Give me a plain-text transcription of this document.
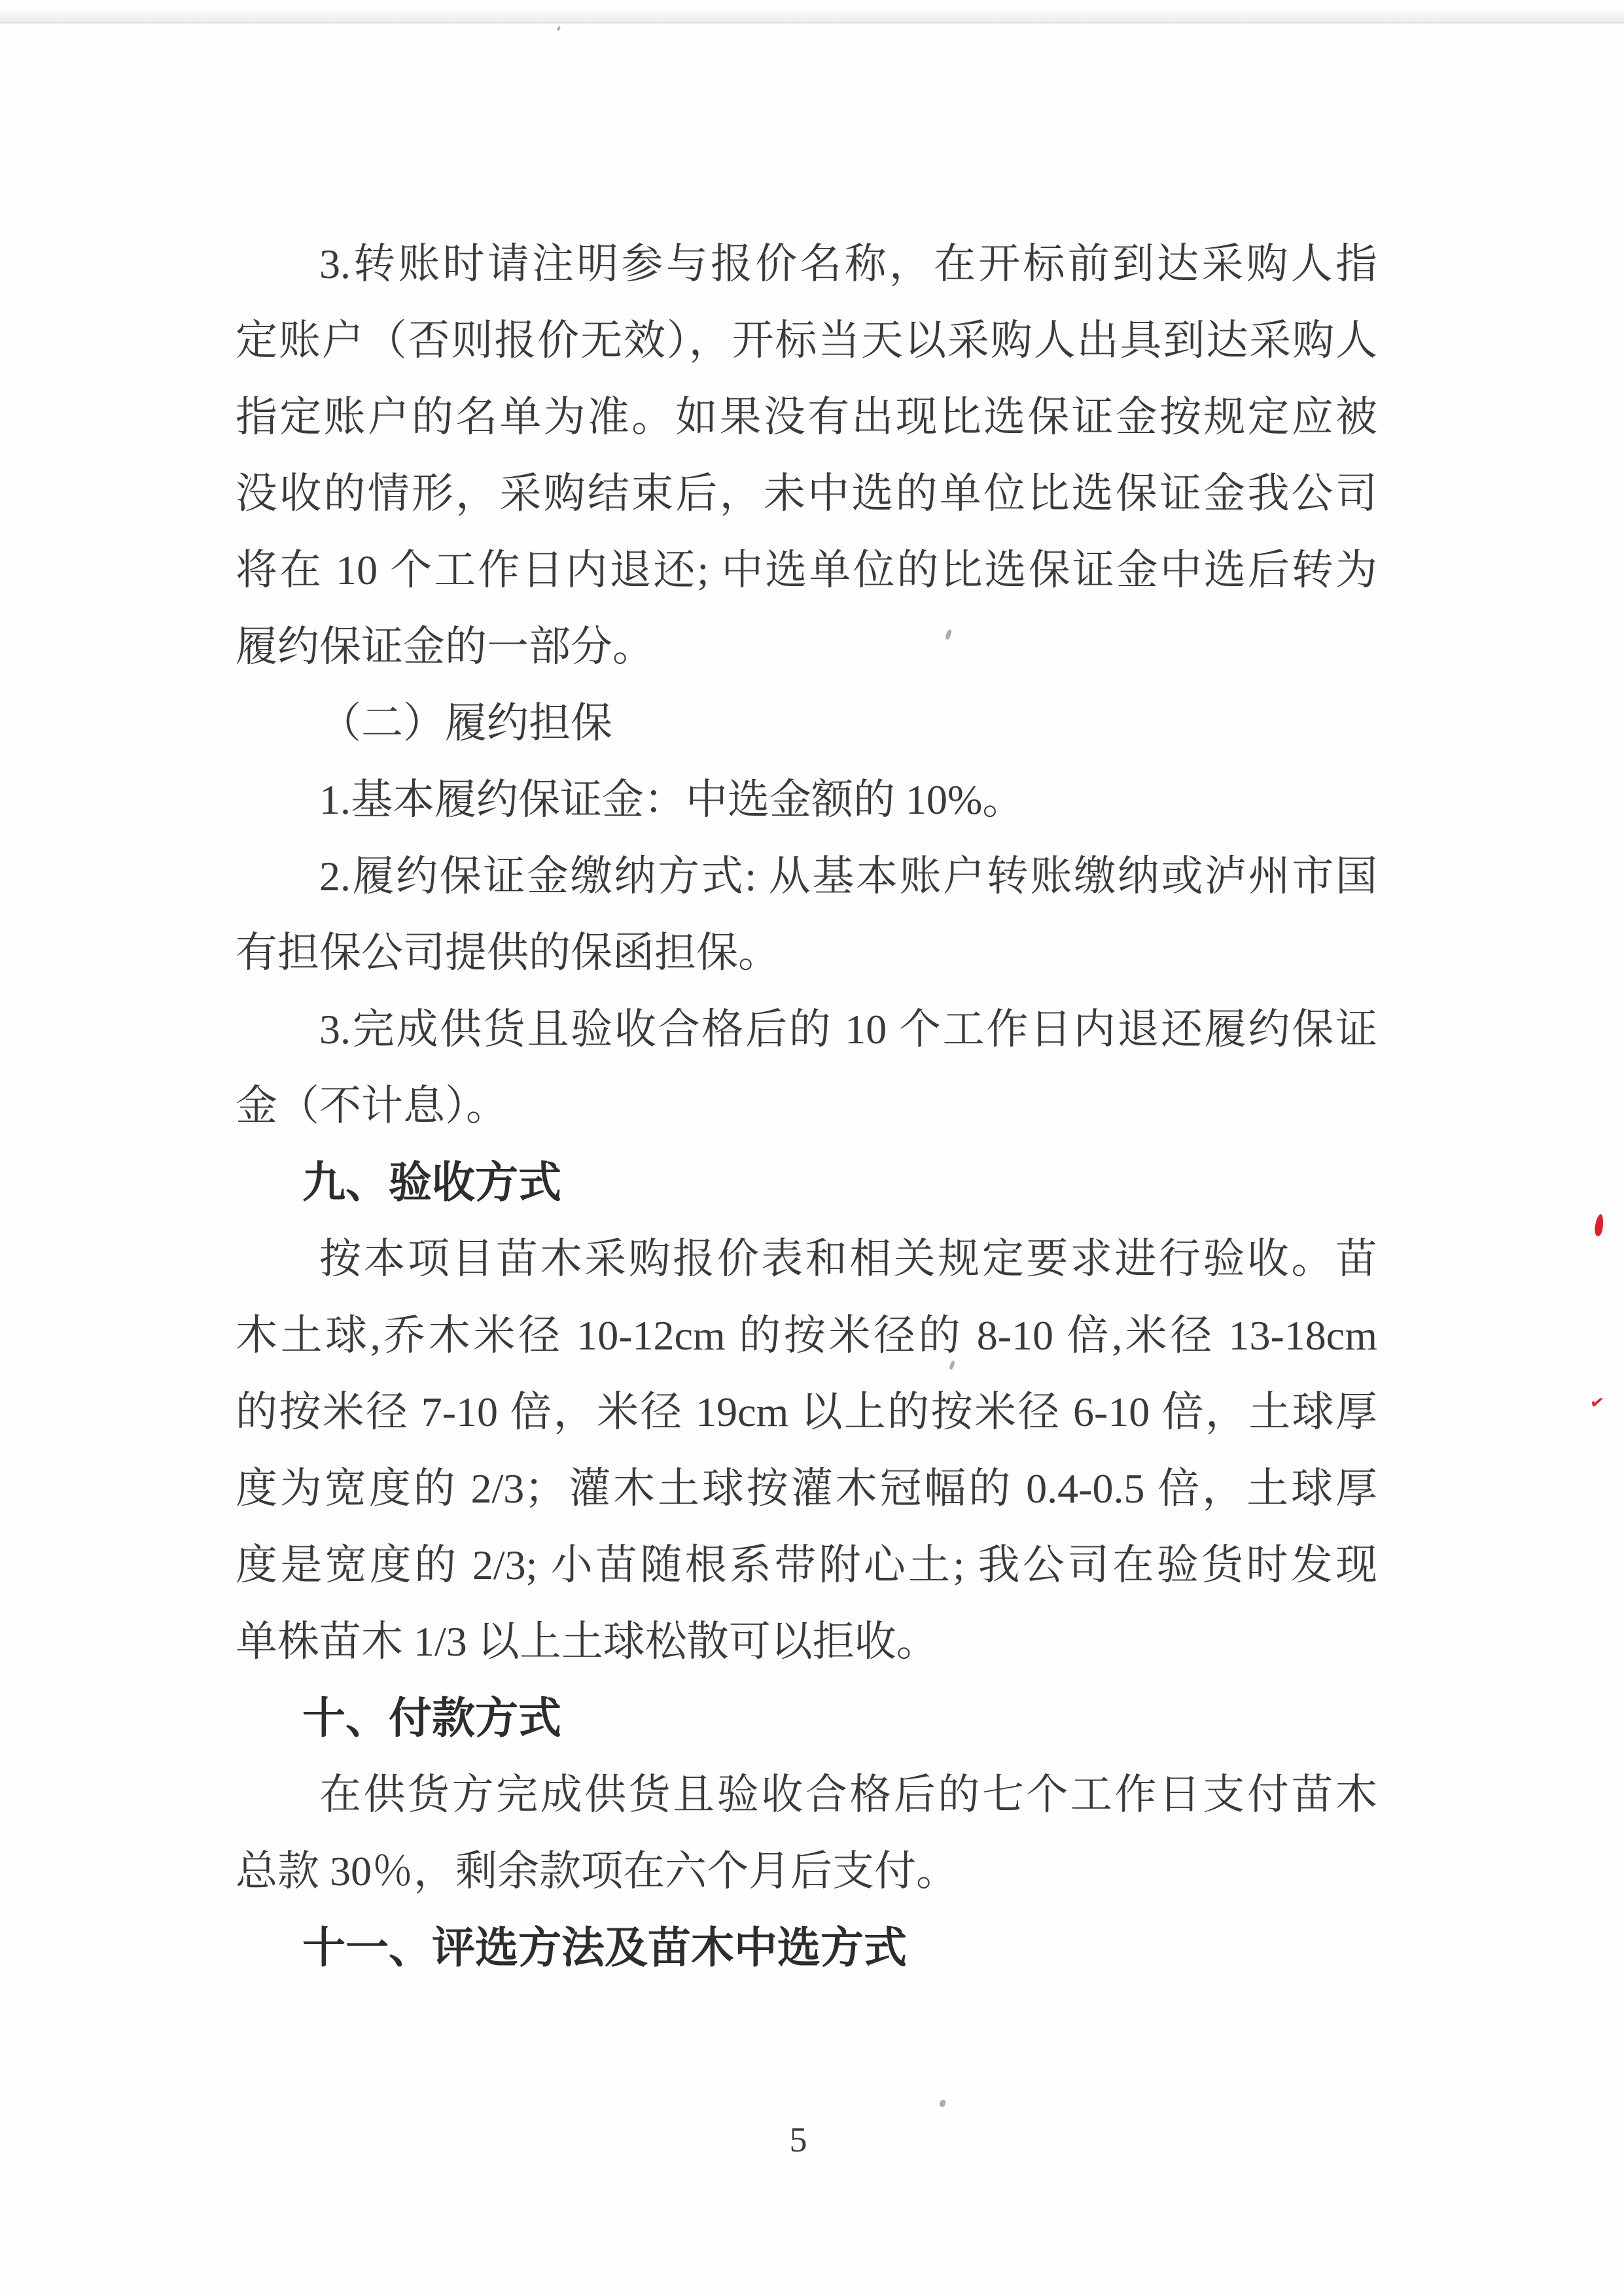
3.转账时请注明参与报价名称，在开标前到达采购人指
定账户（否则报价无效），开标当天以采购人出具到达采购人
指定账户的名单为准。如果没有出现比选保证金按规定应被
没收的情形，采购结束后，未中选的单位比选保证金我公司
将在 10 个工作日内退还; 中选单位的比选保证金中选后转为
履约保证金的一部分。
（二）履约担保
1.基本履约保证金：中选金额的 10%。
2.履约保证金缴纳方式: 从基本账户转账缴纳或泸州市国
有担保公司提供的保函担保。
3.完成供货且验收合格后的 10 个工作日内退还履约保证
金（不计息）。
九、验收方式
按本项目苗木采购报价表和相关规定要求进行验收。苗
木土球,乔木米径 10-12cm 的按米径的 8-10 倍,米径 13-18cm
的按米径 7-10 倍，米径 19cm 以上的按米径 6-10 倍，土球厚
度为宽度的 2/3；灌木土球按灌木冠幅的 0.4-0.5 倍，土球厚
度是宽度的 2/3; 小苗随根系带附心土; 我公司在验货时发现
单株苗木 1/3 以上土球松散可以拒收。
十、付款方式
在供货方完成供货且验收合格后的七个工作日支付苗木
总款 30％，剩余款项在六个月后支付。
十一、评选方法及苗木中选方式
5
✔
